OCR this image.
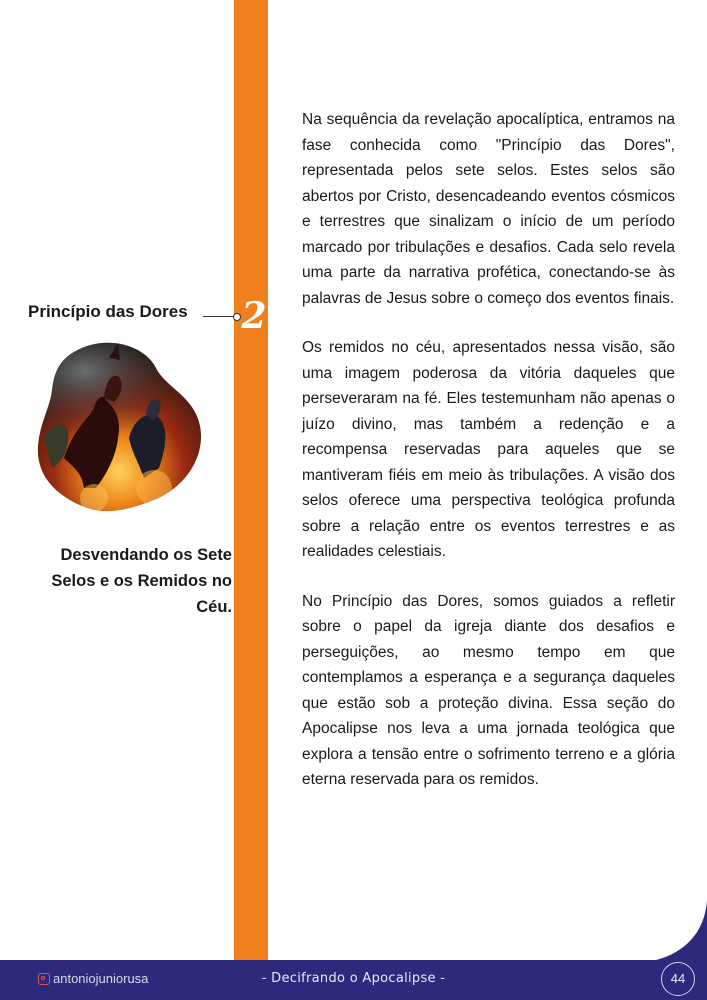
Princípio das Dores 2

Desvendando os Sete Selos e os Remidos no Céu.

Na sequência da revelação apocalíptica, entramos na fase conhecida como "Princípio das Dores", representada pelos sete selos. Estes selos são abertos por Cristo, desencadeando eventos cósmicos e terrestres que sinalizam o início de um período marcado por tribulações e desafios. Cada selo revela uma parte da narrativa profética, conectando-se às palavras de Jesus sobre o começo dos eventos finais.

Os remidos no céu, apresentados nessa visão, são uma imagem poderosa da vitória daqueles que perseveraram na fé. Eles testemunham não apenas o juízo divino, mas também a redenção e a recompensa reservadas para aqueles que se mantiveram fiéis em meio às tribulações. A visão dos selos oferece uma perspectiva teológica profunda sobre a relação entre os eventos terrestres e as realidades celestiais.

No Princípio das Dores, somos guiados a refletir sobre o papel da igreja diante dos desafios e perseguições, ao mesmo tempo em que contemplamos a esperança e a segurança daqueles que estão sob a proteção divina. Essa seção do Apocalipse nos leva a uma jornada teológica que explora a tensão entre o sofrimento terreno e a glória eterna reservada para os remidos.

antoniojuniorusa	- Decifrando o Apocalipse -	44
